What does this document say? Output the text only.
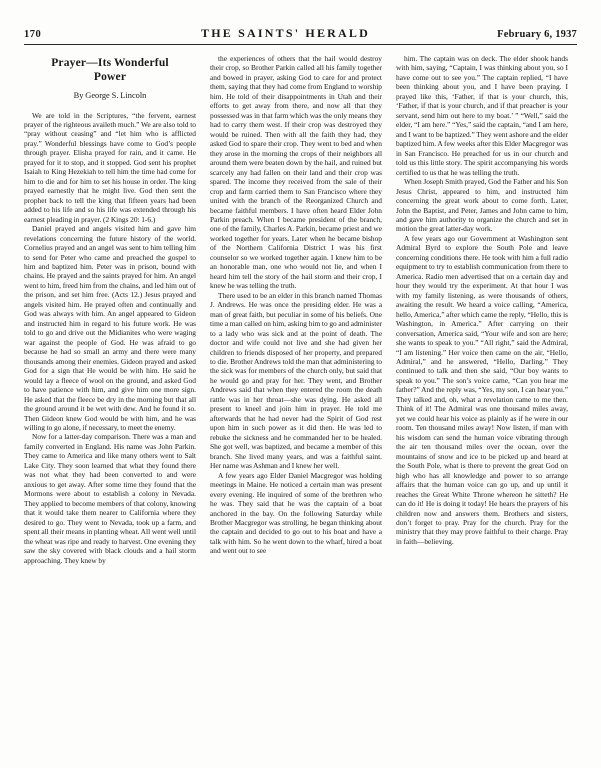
170	THE SAINTS' HERALD	February 6, 1937
Prayer—Its Wonderful
Power
By George S. Lincoln

We are told in the Scriptures, “the fervent, earnest prayer of the righteous availeth much.” We are also told to “pray without ceasing” and “let him who is afflicted pray.” Wonderful blessings have come to God’s people through prayer. Elisha prayed for rain, and it came. He prayed for it to stop, and it stopped. God sent his prophet Isaiah to King Hezekiah to tell him the time had come for him to die and for him to set his house in order. The king prayed earnestly that he might live. God then sent the prophet back to tell the king that fifteen years had been added to his life and so his life was extended through his earnest pleading in prayer. (2 Kings 20: 1-6.)

Daniel prayed and angels visited him and gave him revelations concerning the future history of the world. Cornelius prayed and an angel was sent to him telling him to send for Peter who came and preached the gospel to him and baptized him. Peter was in prison, bound with chains. He prayed and the saints prayed for him. An angel went to him, freed him from the chains, and led him out of the prison, and set him free. (Acts 12.) Jesus prayed and angels visited him. He prayed often and continually and God was always with him. An angel appeared to Gideon and instructed him in regard to his future work. He was told to go and drive out the Midianites who were waging war against the people of God. He was afraid to go because he had so small an army and there were many thousands among their enemies. Gideon prayed and asked God for a sign that He would be with him. He said he would lay a fleece of wool on the ground, and asked God to have patience with him, and give him one more sign. He asked that the fleece be dry in the morning but that all the ground around it be wet with dew. And he found it so. Then Gideon knew God would be with him, and he was willing to go alone, if necessary, to meet the enemy.

Now for a latter-day comparison. There was a man and family converted in England. His name was John Parkin. They came to America and like many others went to Salt Lake City. They soon learned that what they found there was not what they had been converted to and were anxious to get away. After some time they found that the Mormons were about to establish a colony in Nevada. They applied to become members of that colony, knowing that it would take them nearer to California where they desired to go. They went to Nevada, took up a farm, and spent all their means in planting wheat. All went well until the wheat was ripe and ready to harvest. One evening they saw the sky covered with black clouds and a hail storm approaching. They knew by

the experiences of others that the hail would destroy their crop, so Brother Parkin called all his family together and bowed in prayer, asking God to care for and protect them, saying that they had come from England to worship him. He told of their disappointments in Utah and their efforts to get away from there, and now all that they possessed was in that farm which was the only means they had to carry them west. If their crop was destroyed they would be ruined. Then with all the faith they had, they asked God to spare their crop. They went to bed and when they arose in the morning the crops of their neighbors all around them were beaten down by the hail, and ruined but scarcely any had fallen on their land and their crop was spared. The income they received from the sale of their crop and farm carried them to San Francisco where they united with the branch of the Reorganized Church and became faithful members. I have often heard Elder John Parkin preach. When I became president of the branch, one of the family, Charles A. Parkin, became priest and we worked together for years. Later when he became bishop of the Northern California District I was his first counselor so we worked together again. I knew him to be an honorable man, one who would not lie, and when I heard him tell the story of the hail storm and their crop, I knew he was telling the truth.

There used to be an elder in this branch named Thomas J. Andrews. He was once the presiding elder. He was a man of great faith, but peculiar in some of his beliefs. One time a man called on him, asking him to go and administer to a lady who was sick and at the point of death. The doctor and wife could not live and she had given her children to friends disposed of her property, and prepared to die. Brother Andrews told the man that administering to the sick was for members of the church only, but said that he would go and pray for her. They went, and Brother Andrews said that when they entered the room the death rattle was in her throat—she was dying. He asked all present to kneel and join him in prayer. He told me afterwards that he had never had the Spirit of God rest upon him in such power as it did then. He was led to rebuke the sickness and he commanded her to be healed. She got well, was baptized, and became a member of this branch. She lived many years, and was a faithful saint. Her name was Ashman and I knew her well.

A few years ago Elder Daniel Macgregor was holding meetings in Maine. He noticed a certain man was present every evening. He inquired of some of the brethren who he was. They said that he was the captain of a boat anchored in the bay. On the following Saturday while Brother Macgregor was strolling, he began thinking about the captain and decided to go out to his boat and have a talk with him. So he went down to the wharf, hired a boat and went out to see

him. The captain was on deck. The elder shook hands with him, saying, “Captain, I was thinking about you, so I have come out to see you.” The captain replied, “I have been thinking about you, and I have been praying. I prayed like this, ‘Father, if that is your church, this, ‘Father, if that is your church, and if that preacher is your servant, send him out here to my boat.’ ” “Well,” said the elder, “I am here.” “Yes,” said the captain, “and I am here, and I want to be baptized.” They went ashore and the elder baptized him. A few weeks after this Elder Macgregor was in San Francisco. He preached for us in our church and told us this little story. The spirit accompanying his words certified to us that he was telling the truth.

When Joseph Smith prayed, God the Father and his Son Jesus Christ, appeared to him, and instructed him concerning the great work about to come forth. Later, John the Baptist, and Peter, James and John came to him, and gave him authority to organize the church and set in motion the great latter-day work.

A few years ago our Government at Washington sent Admiral Byrd to explore the South Pole and leave concerning conditions there. He took with him a full radio equipment to try to establish communication from there to America. Radio men advertised that on a certain day and hour they would try the experiment. At that hour I was with my family listening, as were thousands of others, awaiting the result. We heard a voice calling, “America, hello, America,” after which came the reply, “Hello, this is Washington, in America.” After carrying on their conversation, America said, “Your wife and son are here; she wants to speak to you.” “All right,” said the Admiral, “I am listening.” Her voice then came on the air, “Hello, Admiral,” and he answered, “Hello, Darling.” They continued to talk and then she said, “Our boy wants to speak to you.” The son’s voice came, “Can you hear me father?” And the reply was, “Yes, my son, I can hear you.” They talked and, oh, what a revelation came to me then. Think of it! The Admiral was one thousand miles away, yet we could hear his voice as plainly as if he were in our room. Ten thousand miles away! Now listen, if man with his wisdom can send the human voice vibrating through the air ten thousand miles over the ocean, over the mountains of snow and ice to be picked up and heard at the South Pole, what is there to prevent the great God on high who has all knowledge and power to so arrange affairs that the human voice can go up, and up until it reaches the Great White Throne whereon he sitteth? He can do it! He is doing it today! He hears the prayers of his children now and answers them. Brothers and sisters, don’t forget to pray. Pray for the church. Pray for the ministry that they may prove faithful to their charge. Pray in faith—believing.
